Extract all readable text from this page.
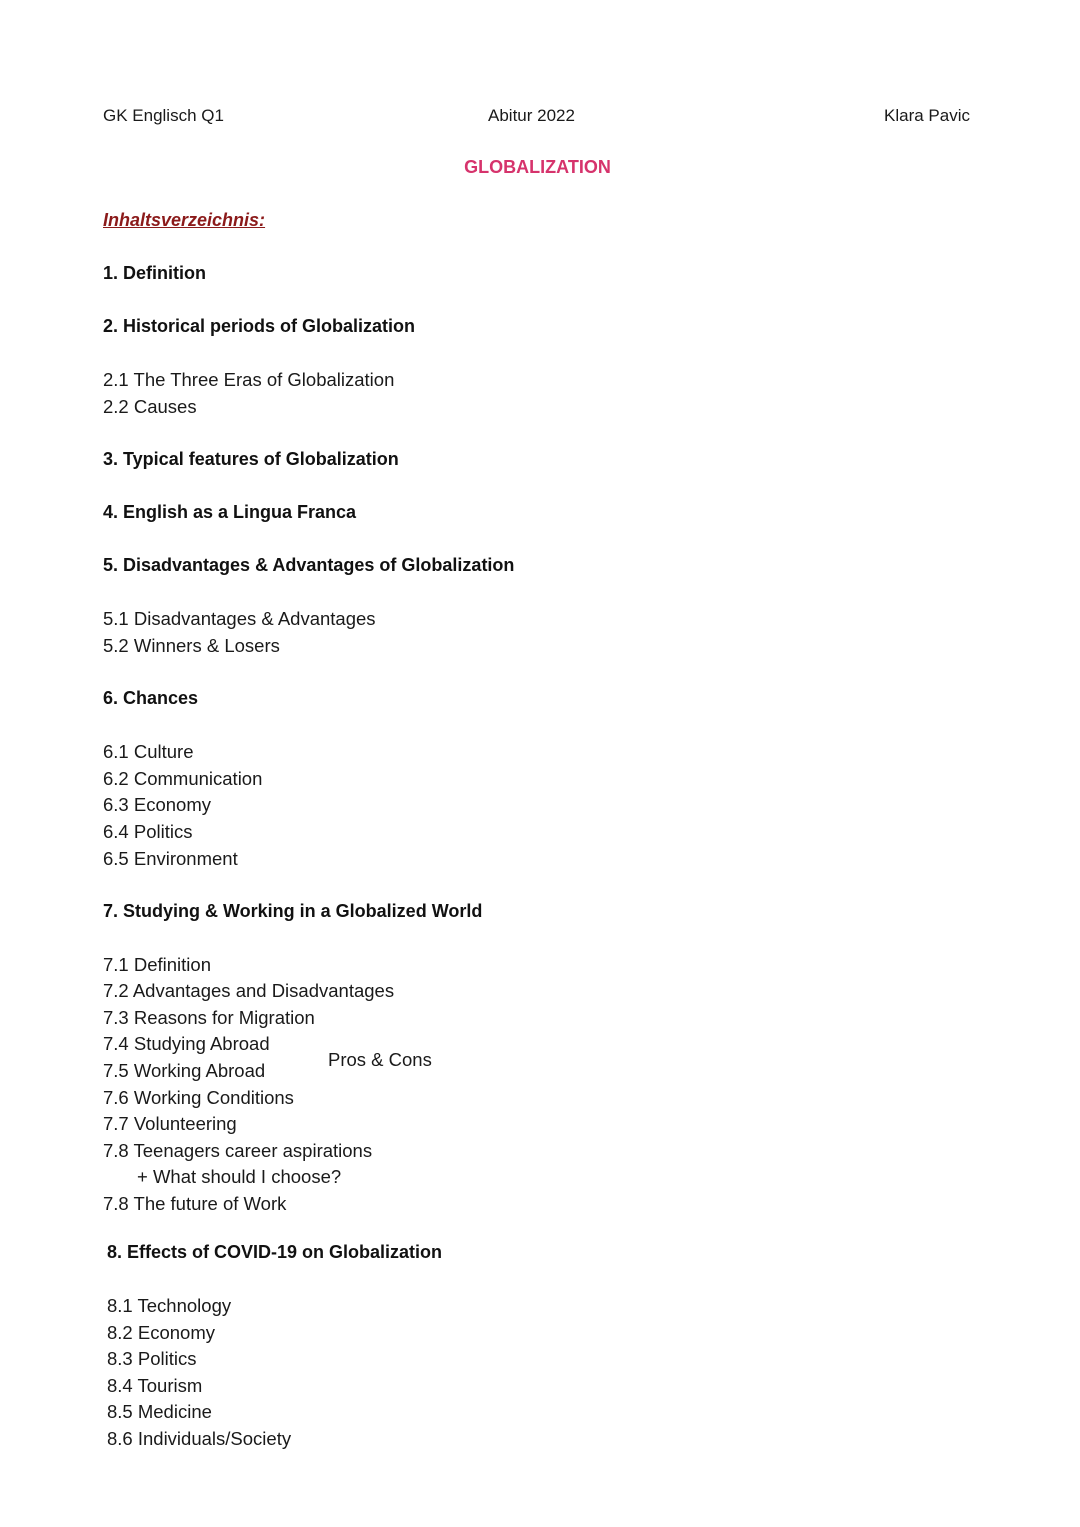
GK Englisch Q1	Abitur 2022	Klara Pavic
GLOBALIZATION
Inhaltsverzeichnis:
1. Definition
2. Historical periods of Globalization
2.1 The Three Eras of Globalization
2.2 Causes
3. Typical features of Globalization
4. English as a Lingua Franca
5. Disadvantages & Advantages of Globalization
5.1 Disadvantages & Advantages
5.2 Winners & Losers
6. Chances
6.1 Culture
6.2 Communication
6.3 Economy
6.4 Politics
6.5 Environment
7. Studying & Working in a Globalized World
7.1 Definition
7.2 Advantages and Disadvantages
7.3 Reasons for Migration
7.4 Studying Abroad
Pros & Cons
7.5 Working Abroad
7.6 Working Conditions
7.7 Volunteering
7.8 Teenagers career aspirations
+ What should I choose?
7.8 The future of Work
8. Effects of COVID-19 on Globalization
8.1 Technology
8.2 Economy
8.3 Politics
8.4 Tourism
8.5 Medicine
8.6 Individuals/Society
